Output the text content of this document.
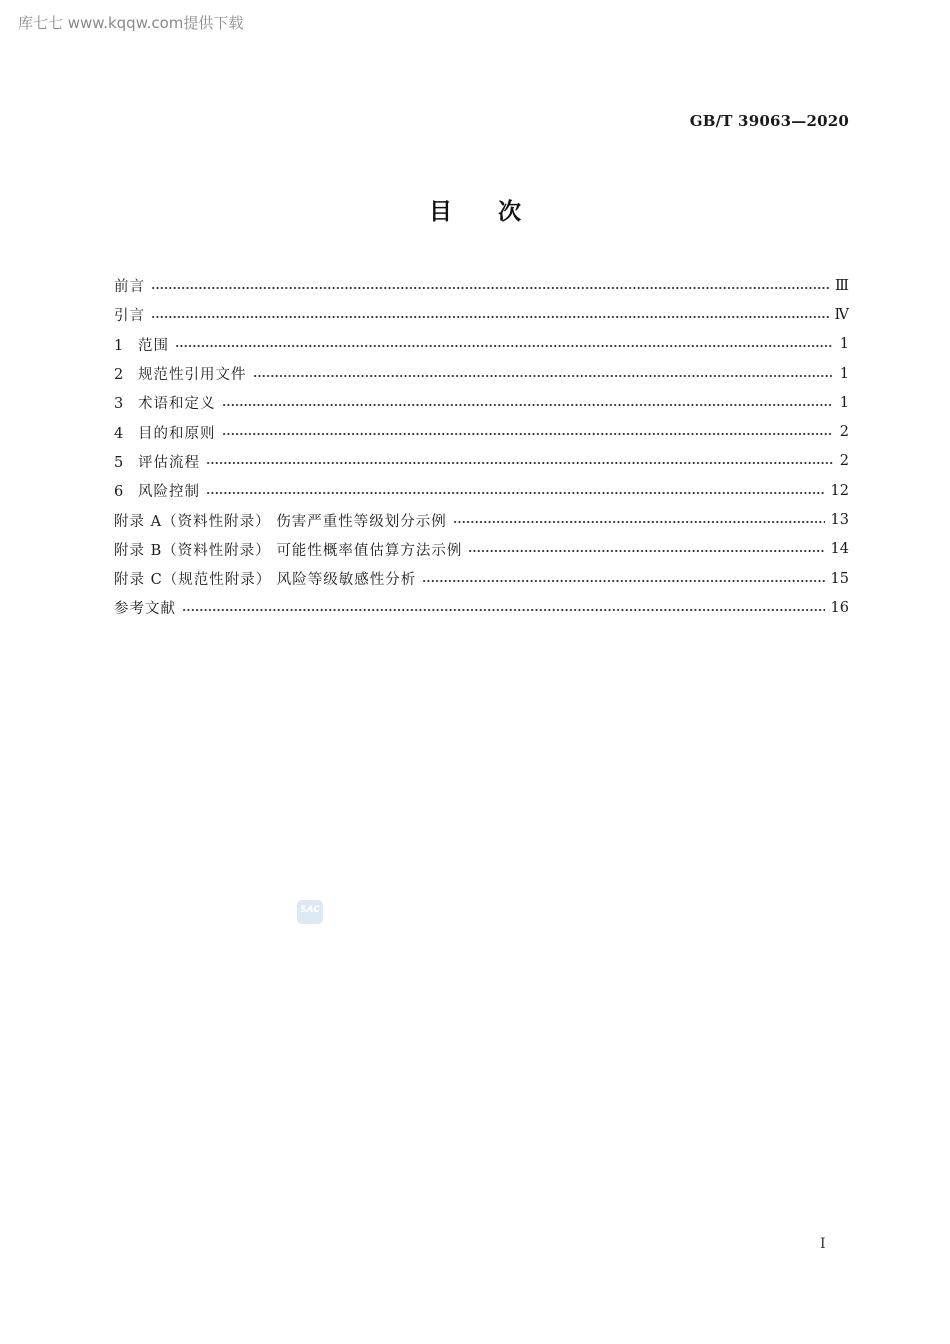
库七七 www.kqqw.com提供下载
GB/T 39063—2020
目次
前言	Ⅲ
引言	Ⅳ
1 范围	1
2 规范性引用文件	1
3 术语和定义	1
4 目的和原则	2
5 评估流程	2
6 风险控制	12
附录 A（资料性附录） 伤害严重性等级划分示例	13
附录 B（资料性附录） 可能性概率值估算方法示例	14
附录 C（规范性附录） 风险等级敏感性分析	15
参考文献	16
SAC
I
